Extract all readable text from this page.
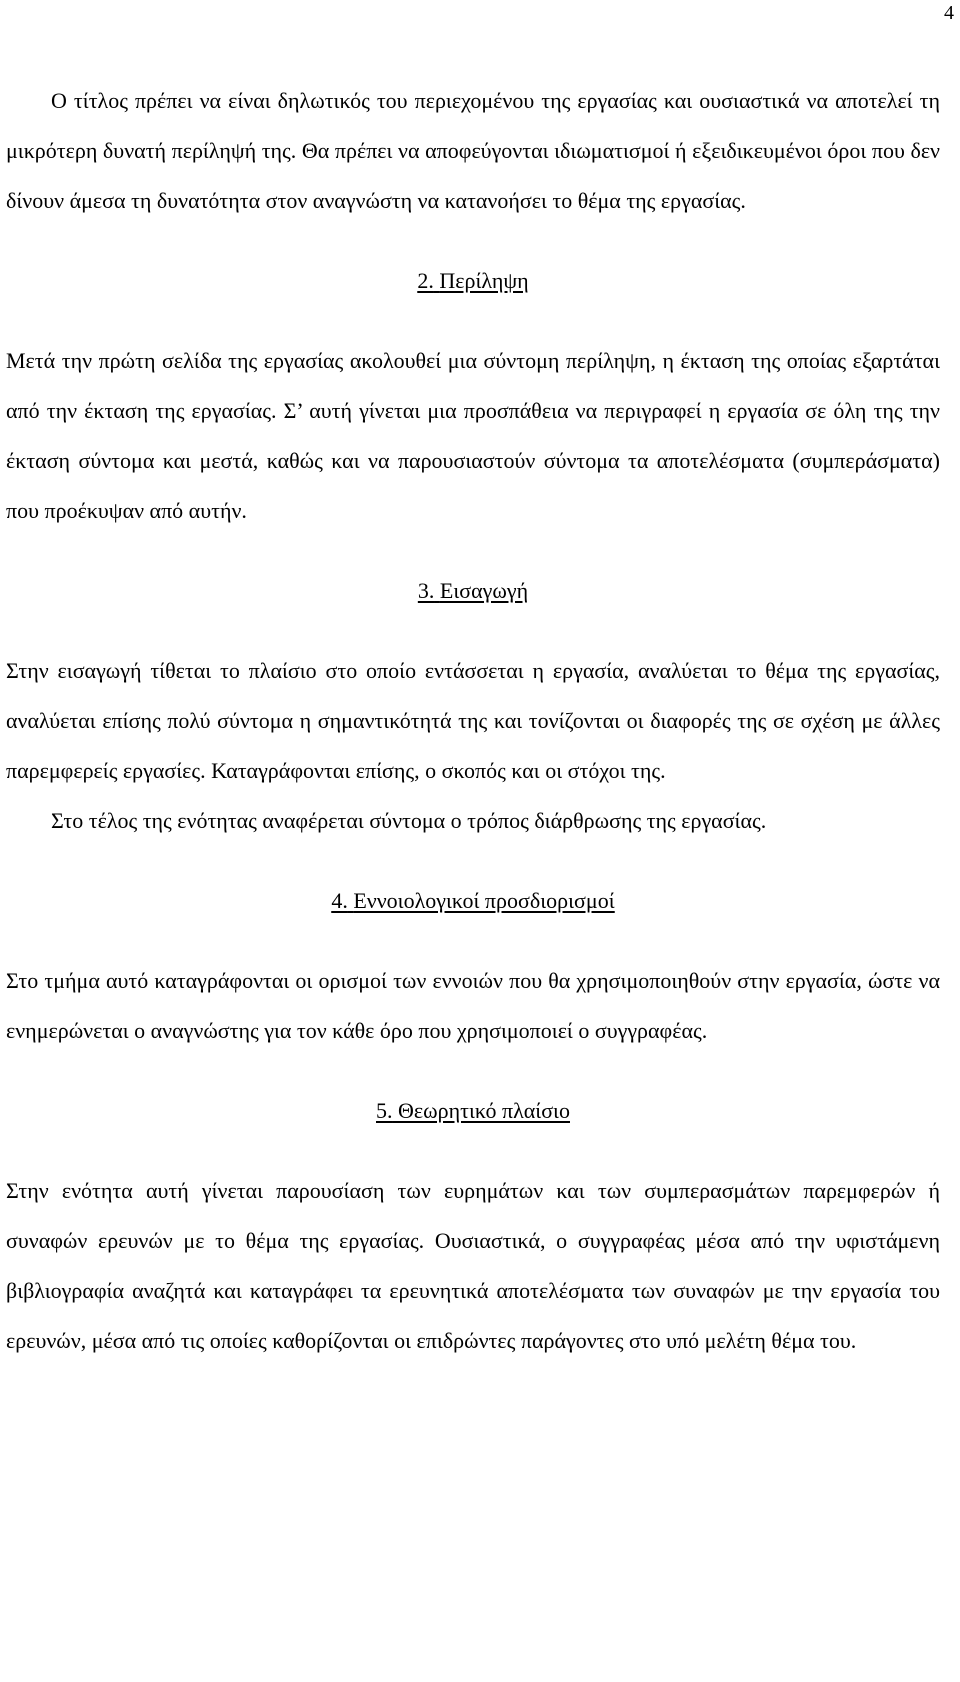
4

Ο τίτλος πρέπει να είναι δηλωτικός του περιεχομένου της εργασίας και ουσιαστικά να αποτελεί τη μικρότερη δυνατή περίληψή της. Θα πρέπει να αποφεύγονται ιδιωματισμοί ή εξειδικευμένοι όροι που δεν δίνουν άμεσα τη δυνατότητα στον αναγνώστη να κατανοήσει το θέμα της εργασίας.

2. Περίληψη

Μετά την πρώτη σελίδα της εργασίας ακολουθεί μια σύντομη περίληψη, η έκταση της οποίας εξαρτάται από την έκταση της εργασίας. Σ’ αυτή γίνεται μια προσπάθεια να περιγραφεί η εργασία σε όλη της την έκταση σύντομα και μεστά, καθώς και να παρουσιαστούν σύντομα τα αποτελέσματα (συμπεράσματα) που προέκυψαν από αυτήν.

3. Εισαγωγή

Στην εισαγωγή τίθεται το πλαίσιο στο οποίο εντάσσεται η εργασία, αναλύεται το θέμα της εργασίας, αναλύεται επίσης πολύ σύντομα η σημαντικότητά της και τονίζονται οι διαφορές της σε σχέση με άλλες παρεμφερείς εργασίες. Καταγράφονται επίσης, ο σκοπός και οι στόχοι της.

Στο τέλος της ενότητας αναφέρεται σύντομα ο τρόπος διάρθρωσης της εργασίας.

4. Εννοιολογικοί προσδιορισμοί

Στο τμήμα αυτό καταγράφονται οι ορισμοί των εννοιών που θα χρησιμοποιηθούν στην εργασία, ώστε να ενημερώνεται ο αναγνώστης για τον κάθε όρο που χρησιμοποιεί ο συγγραφέας.

5. Θεωρητικό πλαίσιο

Στην ενότητα αυτή γίνεται παρουσίαση των ευρημάτων και των συμπερασμάτων παρεμφερών ή συναφών ερευνών με το θέμα της εργασίας. Ουσιαστικά, ο συγγραφέας μέσα από την υφιστάμενη βιβλιογραφία αναζητά και καταγράφει τα ερευνητικά αποτελέσματα των συναφών με την εργασία του ερευνών, μέσα από τις οποίες καθορίζονται οι επιδρώντες παράγοντες στο υπό μελέτη θέμα του.
